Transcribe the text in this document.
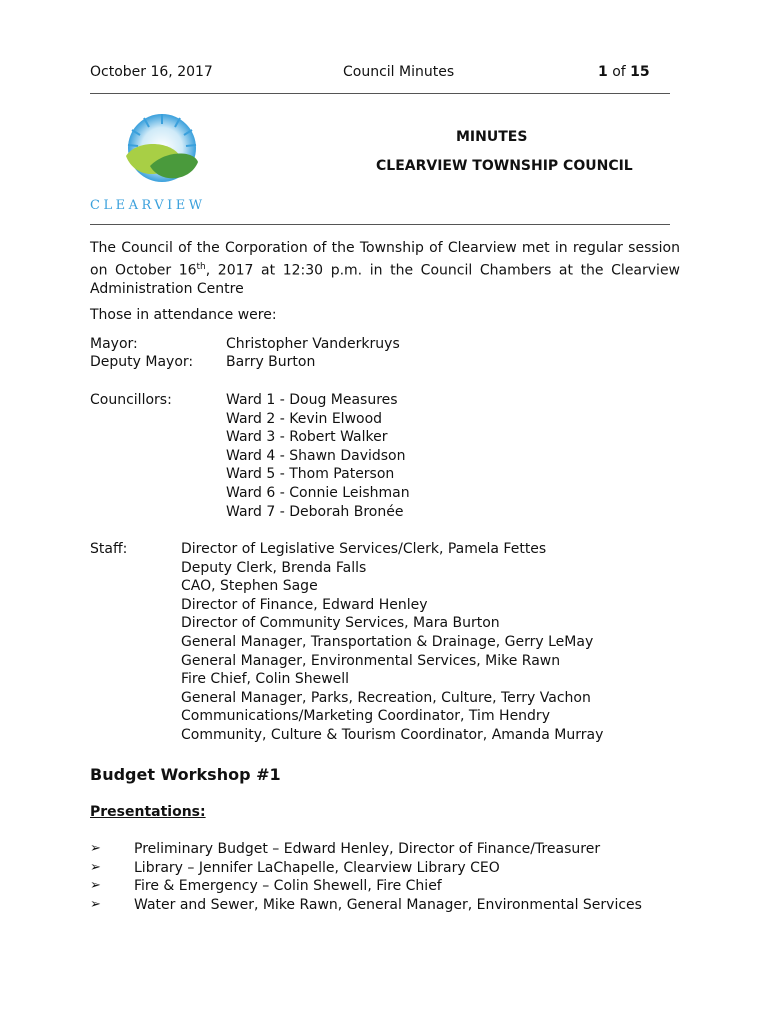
October 16, 2017	Council Minutes	1 of 15
CLEARVIEW
MINUTES
CLEARVIEW TOWNSHIP COUNCIL
The Council of the Corporation of the Township of Clearview met in regular session on October 16th, 2017 at 12:30 p.m. in the Council Chambers at the Clearview Administration Centre
Those in attendance were:
Mayor:	Christopher Vanderkruys
Deputy Mayor: Barry Burton
Councillors:	Ward 1 - Doug Measures
Ward 2 - Kevin Elwood
Ward 3 - Robert Walker
Ward 4 - Shawn Davidson
Ward 5 - Thom Paterson
Ward 6 - Connie Leishman
Ward 7 - Deborah Bronée
Staff:	Director of Legislative Services/Clerk, Pamela Fettes
Deputy Clerk, Brenda Falls
CAO, Stephen Sage
Director of Finance, Edward Henley
Director of Community Services, Mara Burton
General Manager, Transportation & Drainage, Gerry LeMay
General Manager, Environmental Services, Mike Rawn
Fire Chief, Colin Shewell
General Manager, Parks, Recreation, Culture, Terry Vachon
Communications/Marketing Coordinator, Tim Hendry
Community, Culture & Tourism Coordinator, Amanda Murray
Budget Workshop #1
Presentations:
➢	Preliminary Budget – Edward Henley, Director of Finance/Treasurer
➢	Library – Jennifer LaChapelle, Clearview Library CEO
➢	Fire & Emergency – Colin Shewell, Fire Chief
➢	Water and Sewer, Mike Rawn, General Manager, Environmental Services
